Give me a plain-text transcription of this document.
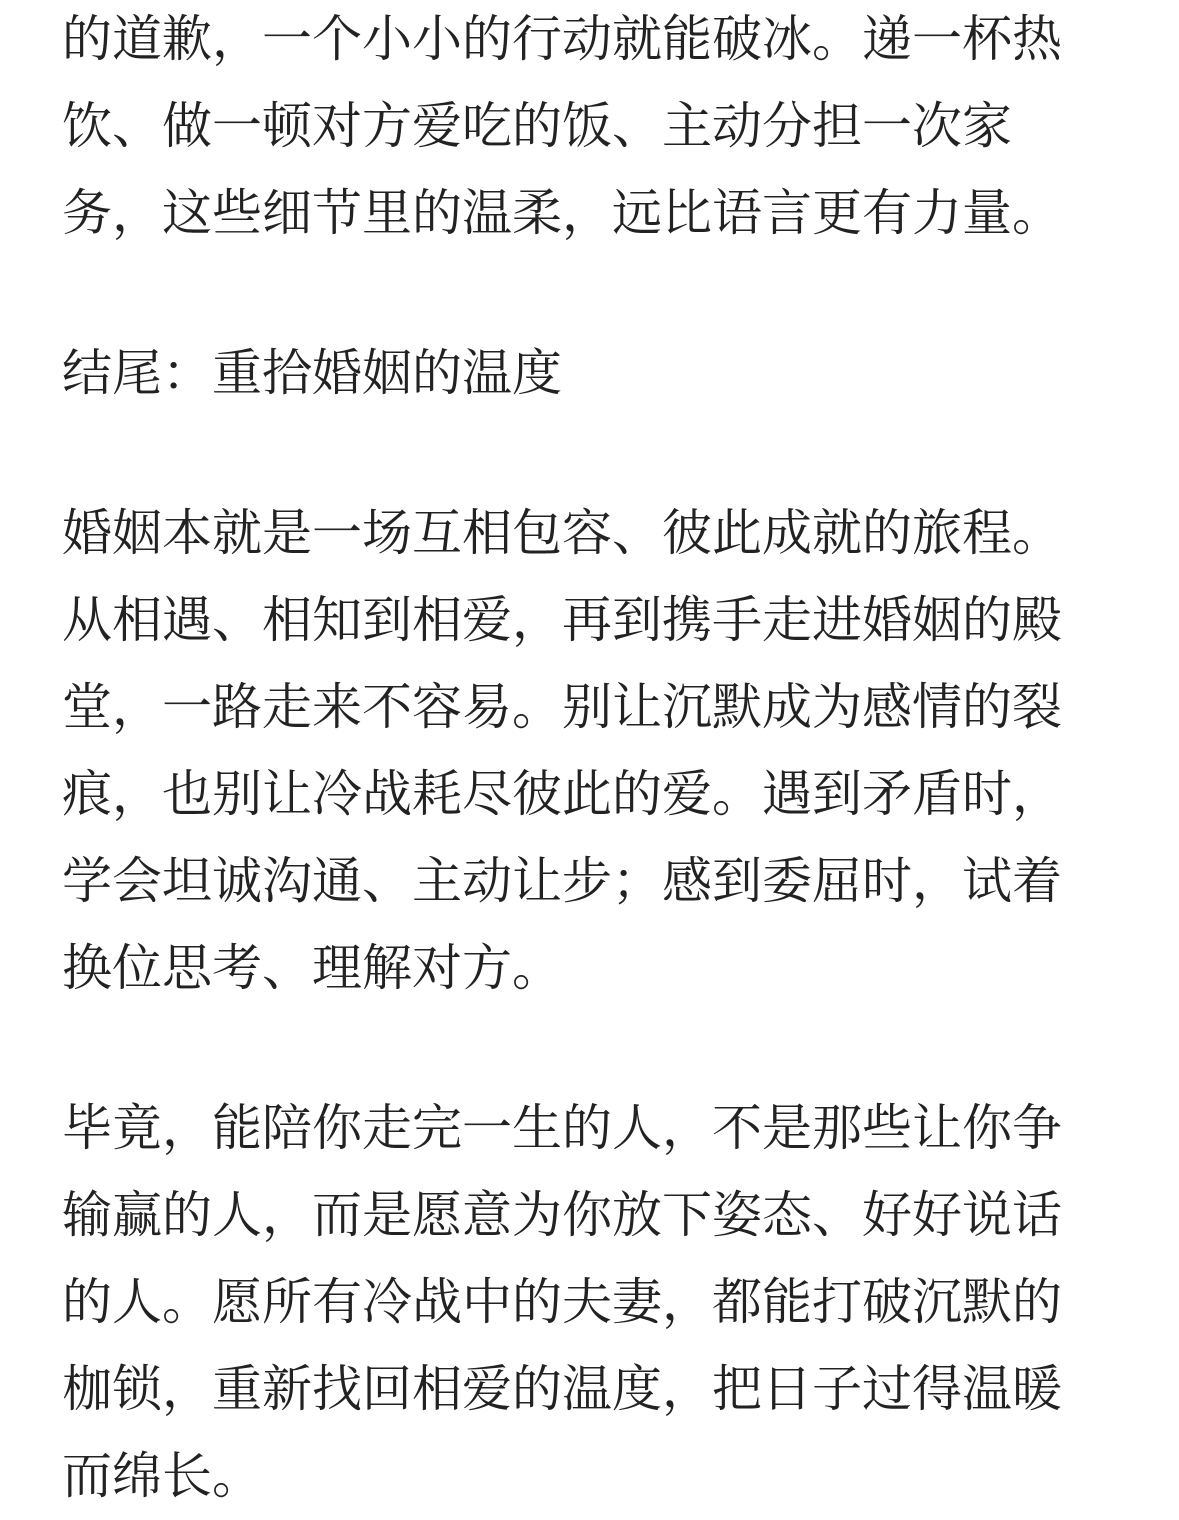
的道歉，一个小小的行动就能破冰。递一杯热
饮、做一顿对方爱吃的饭、主动分担一次家
务，这些细节里的温柔，远比语言更有力量。

结尾：重拾婚姻的温度

婚姻本就是一场互相包容、彼此成就的旅程。
从相遇、相知到相爱，再到携手走进婚姻的殿
堂，一路走来不容易。别让沉默成为感情的裂
痕，也别让冷战耗尽彼此的爱。遇到矛盾时，
学会坦诚沟通、主动让步；感到委屈时，试着
换位思考、理解对方。

毕竟，能陪你走完一生的人，不是那些让你争
输赢的人，而是愿意为你放下姿态、好好说话
的人。愿所有冷战中的夫妻，都能打破沉默的
枷锁，重新找回相爱的温度，把日子过得温暖
而绵长。
